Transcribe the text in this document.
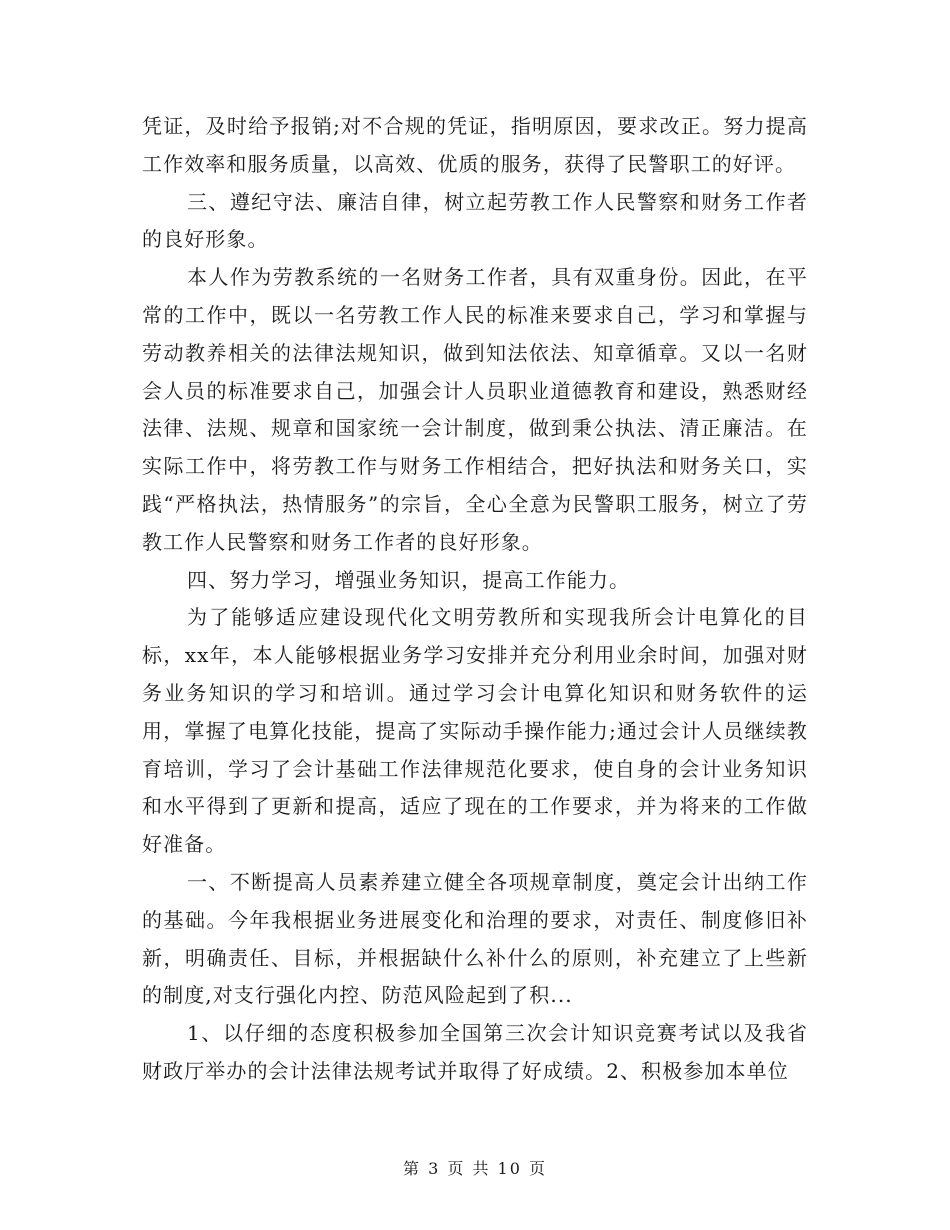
凭证，及时给予报销;对不合规的凭证，指明原因，要求改正。努力提高工作效率和服务质量，以高效、优质的服务，获得了民警职工的好评。

三、遵纪守法、廉洁自律，树立起劳教工作人民警察和财务工作者的良好形象。

本人作为劳教系统的一名财务工作者，具有双重身份。因此，在平常的工作中，既以一名劳教工作人民的标准来要求自己，学习和掌握与劳动教养相关的法律法规知识，做到知法依法、知章循章。又以一名财会人员的标准要求自己，加强会计人员职业道德教育和建设，熟悉财经法律、法规、规章和国家统一会计制度，做到秉公执法、清正廉洁。在实际工作中，将劳教工作与财务工作相结合，把好执法和财务关口，实践“严格执法，热情服务”的宗旨，全心全意为民警职工服务，树立了劳教工作人民警察和财务工作者的良好形象。

四、努力学习，增强业务知识，提高工作能力。

为了能够适应建设现代化文明劳教所和实现我所会计电算化的目标，xx年，本人能够根据业务学习安排并充分利用业余时间，加强对财务业务知识的学习和培训。通过学习会计电算化知识和财务软件的运用，掌握了电算化技能，提高了实际动手操作能力;通过会计人员继续教育培训，学习了会计基础工作法律规范化要求，使自身的会计业务知识和水平得到了更新和提高，适应了现在的工作要求，并为将来的工作做好准备。

一、不断提高人员素养建立健全各项规章制度，奠定会计出纳工作的基础。今年我根据业务进展变化和治理的要求，对责任、制度修旧补新，明确责任、目标，并根据缺什么补什么的原则，补充建立了上些新的制度,对支行强化内控、防范风险起到了积...

1、以仔细的态度积极参加全国第三次会计知识竞赛考试以及我省财政厅举办的会计法律法规考试并取得了好成绩。2、积极参加本单位

第 3 页 共 10 页
